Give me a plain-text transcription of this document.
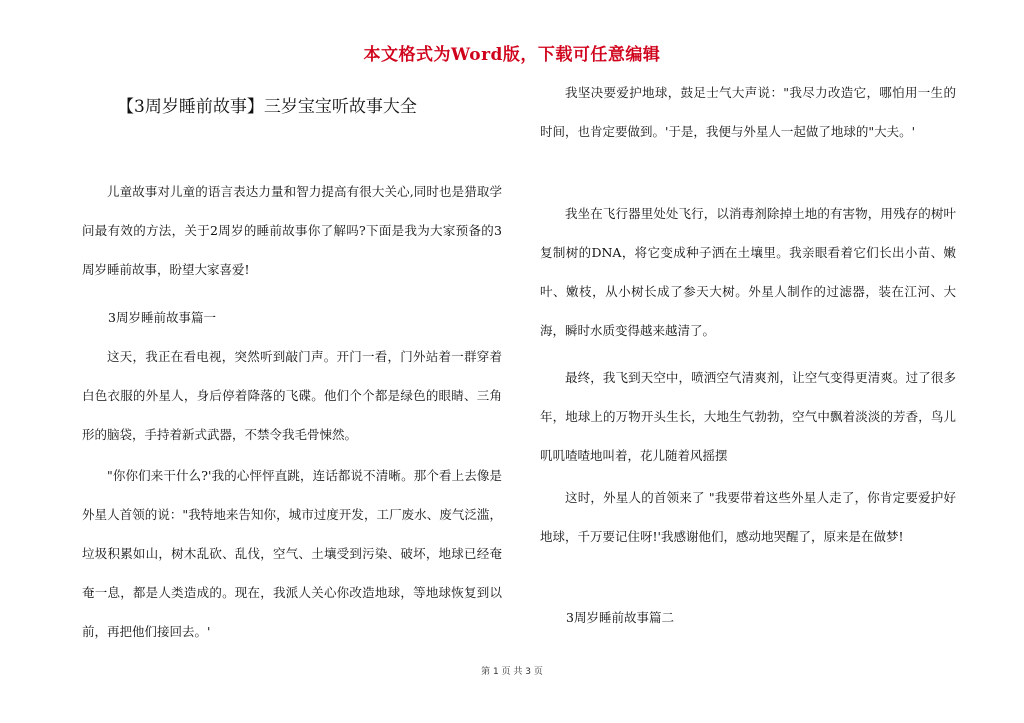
本文格式为Word版，下载可任意编辑
【3周岁睡前故事】三岁宝宝听故事大全

儿童故事对儿童的语言表达力量和智力提高有很大关心,同时也是猎取学问最有效的方法，关于2周岁的睡前故事你了解吗?下面是我为大家预备的3周岁睡前故事，盼望大家喜爱!

3周岁睡前故事篇一

这天，我正在看电视，突然听到敲门声。开门一看，门外站着一群穿着白色衣服的外星人，身后停着降落的飞碟。他们个个都是绿色的眼睛、三角形的脑袋，手持着新式武器，不禁令我毛骨悚然。

"你你们来干什么?'我的心怦怦直跳，连话都说不清晰。那个看上去像是外星人首领的说："我特地来告知你，城市过度开发，工厂废水、废气泛滥，垃圾积累如山，树木乱砍、乱伐，空气、土壤受到污染、破坏，地球已经奄奄一息，都是人类造成的。现在，我派人关心你改造地球，等地球恢复到以前，再把他们接回去。'

我坚决要爱护地球，鼓足士气大声说："我尽力改造它，哪怕用一生的时间，也肯定要做到。'于是，我便与外星人一起做了地球的"大夫。'

我坐在飞行器里处处飞行，以消毒剂除掉土地的有害物，用残存的树叶复制树的DNA，将它变成种子洒在土壤里。我亲眼看着它们长出小苗、嫩叶、嫩枝，从小树长成了参天大树。外星人制作的过滤器，装在江河、大海，瞬时水质变得越来越清了。

最终，我飞到天空中，喷洒空气清爽剂，让空气变得更清爽。过了很多年，地球上的万物开头生长，大地生气勃勃，空气中飘着淡淡的芳香，鸟儿叽叽喳喳地叫着，花儿随着风摇摆

这时，外星人的首领来了 "我要带着这些外星人走了，你肯定要爱护好地球，千万要记住呀!'我感谢他们，感动地哭醒了，原来是在做梦!

3周岁睡前故事篇二

第 1 页 共 3 页
